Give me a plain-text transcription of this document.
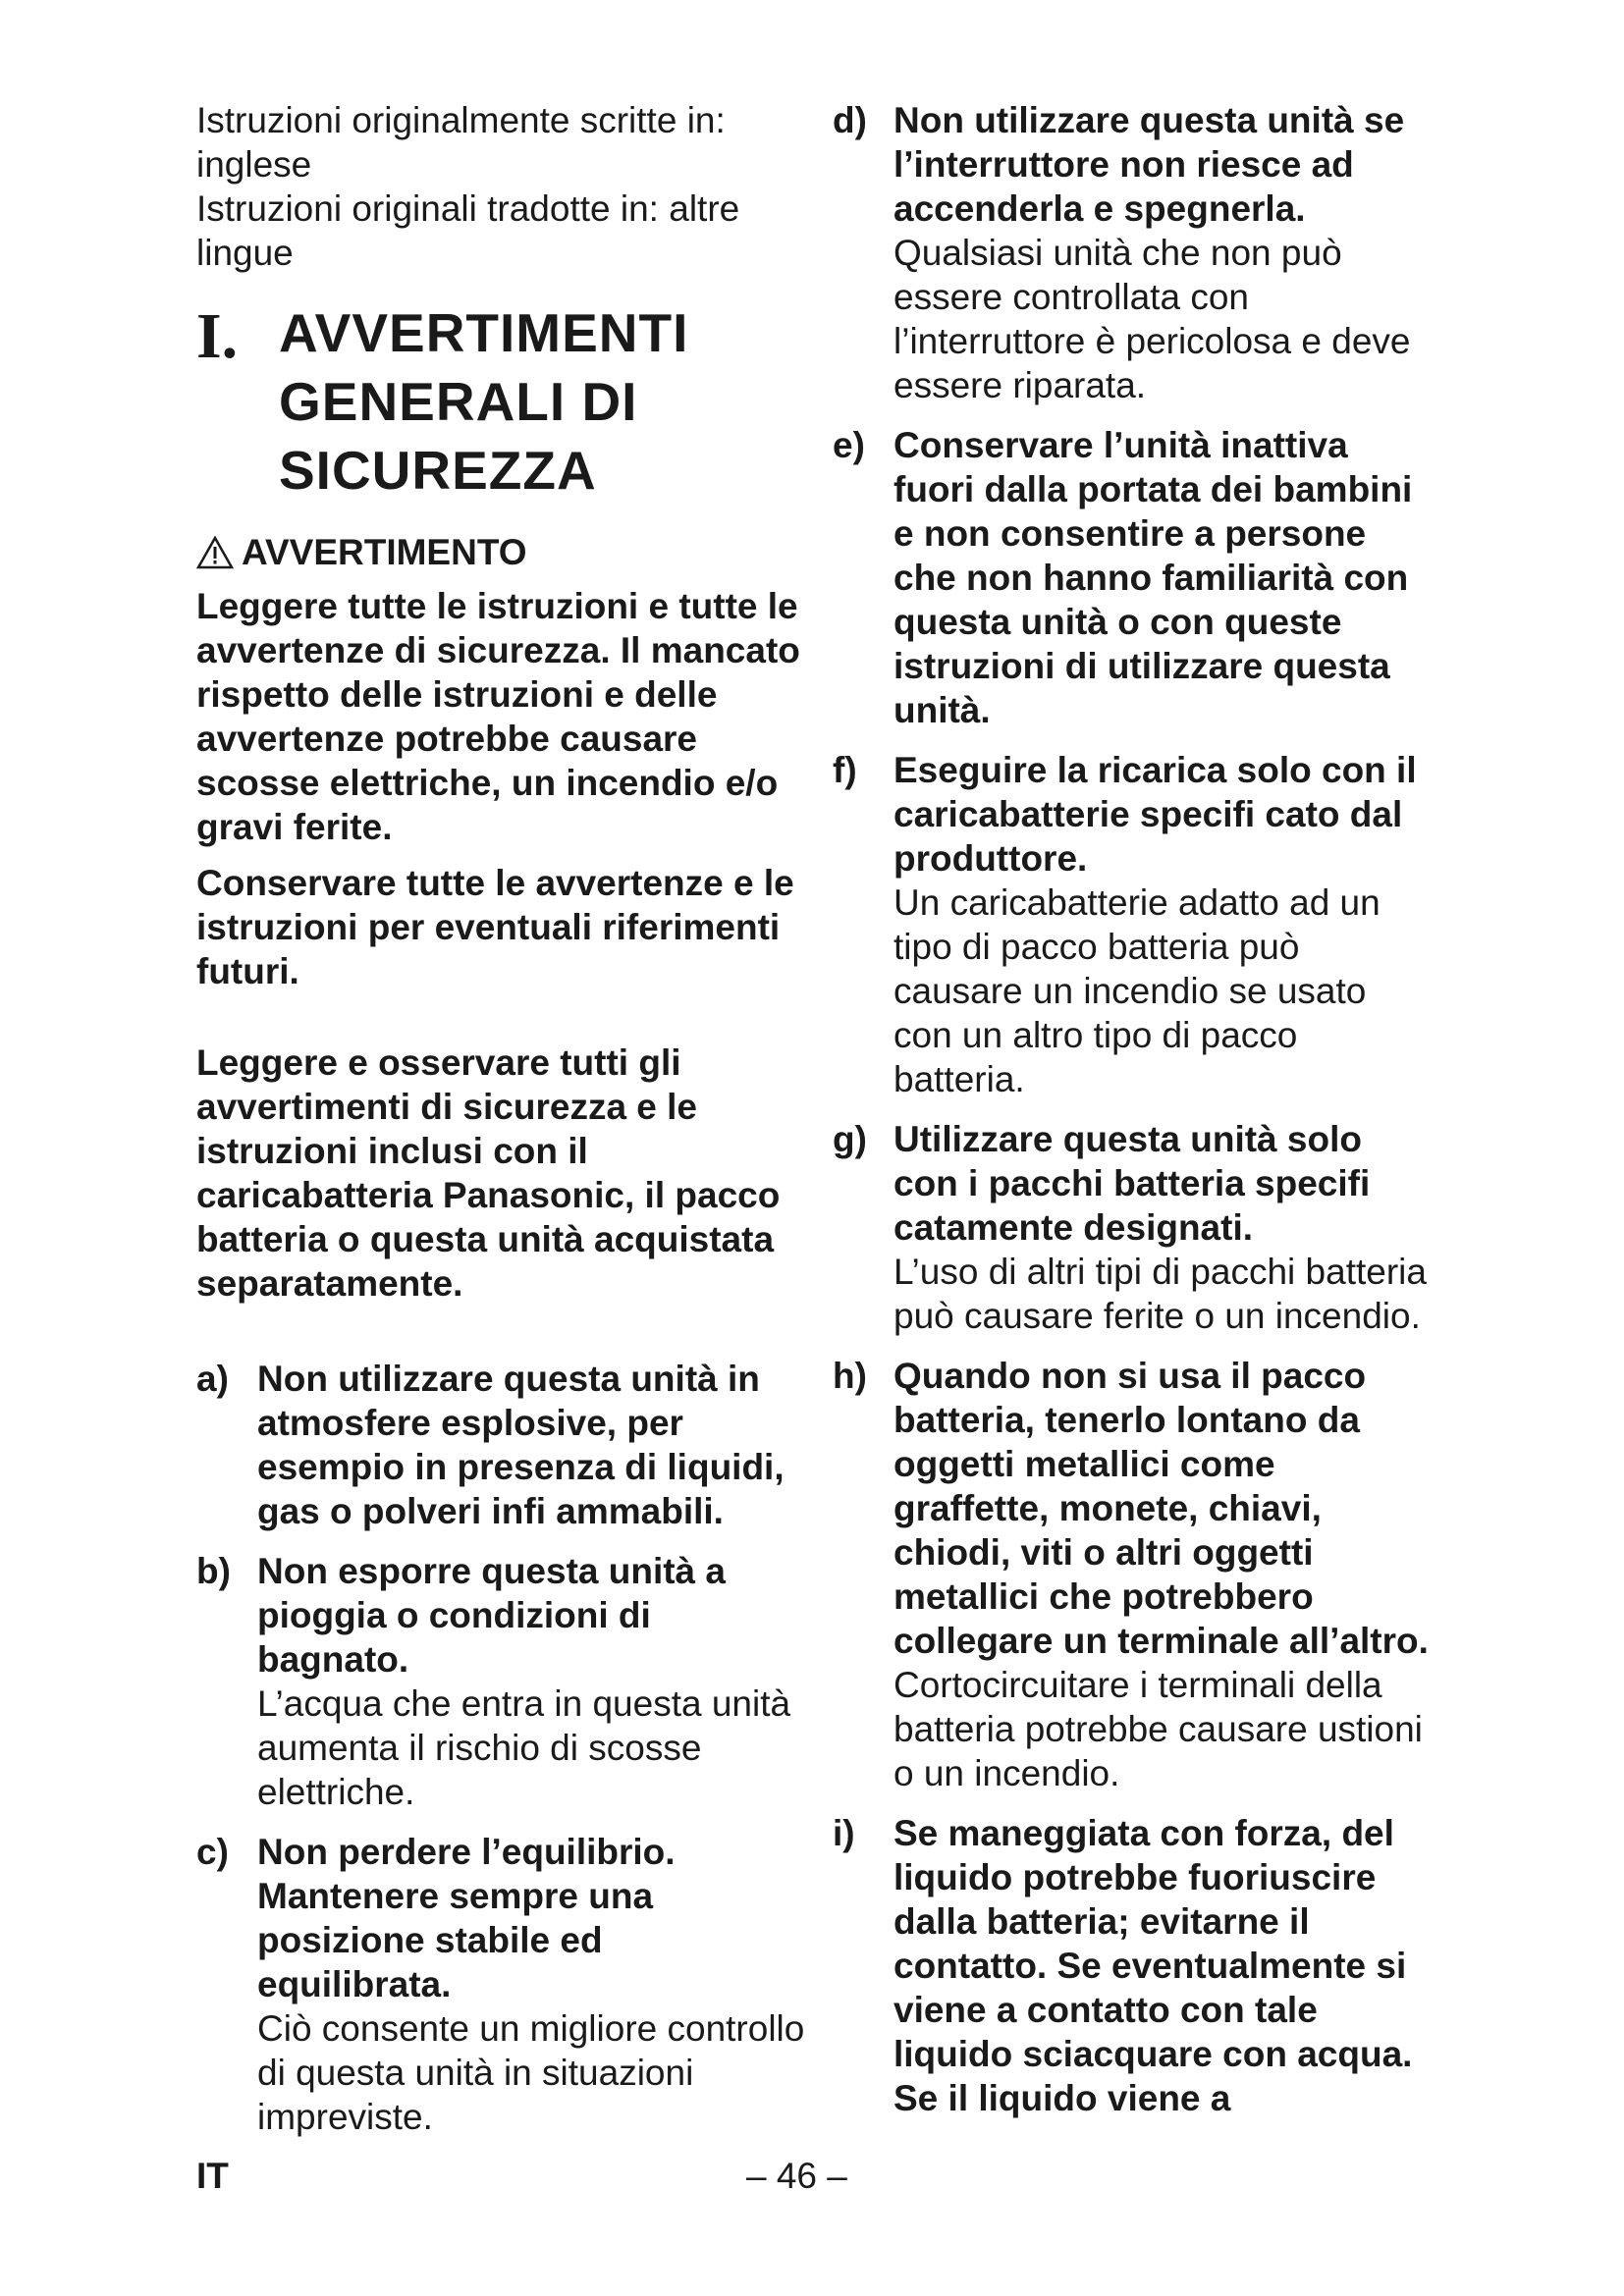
Istruzioni originalmente scritte in: inglese

Istruzioni originali tradotte in: altre lingue

I. AVVERTIMENTI GENERALI DI SICUREZZA
AVVERTIMENTO

Leggere tutte le istruzioni e tutte le avvertenze di sicurezza. Il mancato rispetto delle istruzioni e delle avvertenze potrebbe causare scosse elettriche, un incendio e/o gravi ferite.

Conservare tutte le avvertenze e le istruzioni per eventuali riferimenti futuri.

Leggere e osservare tutti gli avvertimenti di sicurezza e le istruzioni inclusi con il caricabatteria Panasonic, il pacco batteria o questa unità acquistata separatamente.

a) Non utilizzare questa unità in atmosfere esplosive, per esempio in presenza di liquidi, gas o polveri infi ammabili.
b) Non esporre questa unità a pioggia o condizioni di bagnato.
L’acqua che entra in questa unità aumenta il rischio di scosse elettriche.
c) Non perdere l’equilibrio. Mantenere sempre una posizione stabile ed equilibrata.
Ciò consente un migliore controllo di questa unità in situazioni impreviste.
d) Non utilizzare questa unità se l’interruttore non riesce ad accenderla e spegnerla.
Qualsiasi unità che non può essere controllata con l’interruttore è pericolosa e deve essere riparata.
e) Conservare l’unità inattiva fuori dalla portata dei bambini e non consentire a persone che non hanno familiarità con questa unità o con queste istruzioni di utilizzare questa unità.
f) Eseguire la ricarica solo con il caricabatterie specifi cato dal produttore.
Un caricabatterie adatto ad un tipo di pacco batteria può causare un incendio se usato con un altro tipo di pacco batteria.
g) Utilizzare questa unità solo con i pacchi batteria specifi catamente designati.
L’uso di altri tipi di pacchi batteria può causare ferite o un incendio.
h) Quando non si usa il pacco batteria, tenerlo lontano da oggetti metallici come graffette, monete, chiavi, chiodi, viti o altri oggetti metallici che potrebbero collegare un terminale all’altro.
Cortocircuitare i terminali della batteria potrebbe causare ustioni o un incendio.
i) Se maneggiata con forza, del liquido potrebbe fuoriuscire dalla batteria; evitarne il contatto. Se eventualmente si viene a contatto con tale liquido sciacquare con acqua. Se il liquido viene a
IT	– 46 –
